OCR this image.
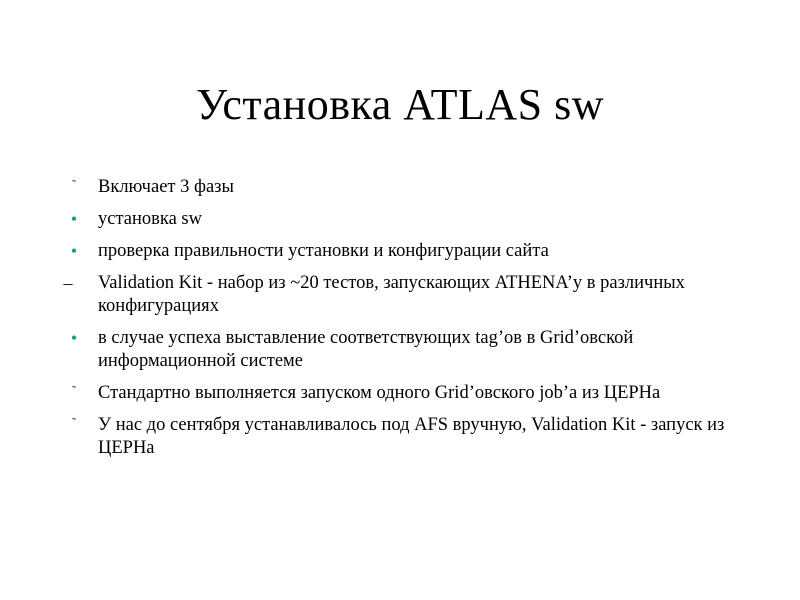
Установка ATLAS sw
˜	Включает 3 фазы
•	установка sw
•	проверка правильности установки и конфигурации сайта
–	Validation Kit - набор из ~20 тестов, запускающих ATHENA’у в различных конфигурациях
•	в случае успеха выставление соответствующих tag’ов в Grid’овской информационной системе
˜	Стандартно выполняется запуском одного Grid’овского job’а из ЦЕРНа
˜	У нас до сентября устанавливалось под AFS вручную, Validation Kit - запуск из ЦЕРНа
